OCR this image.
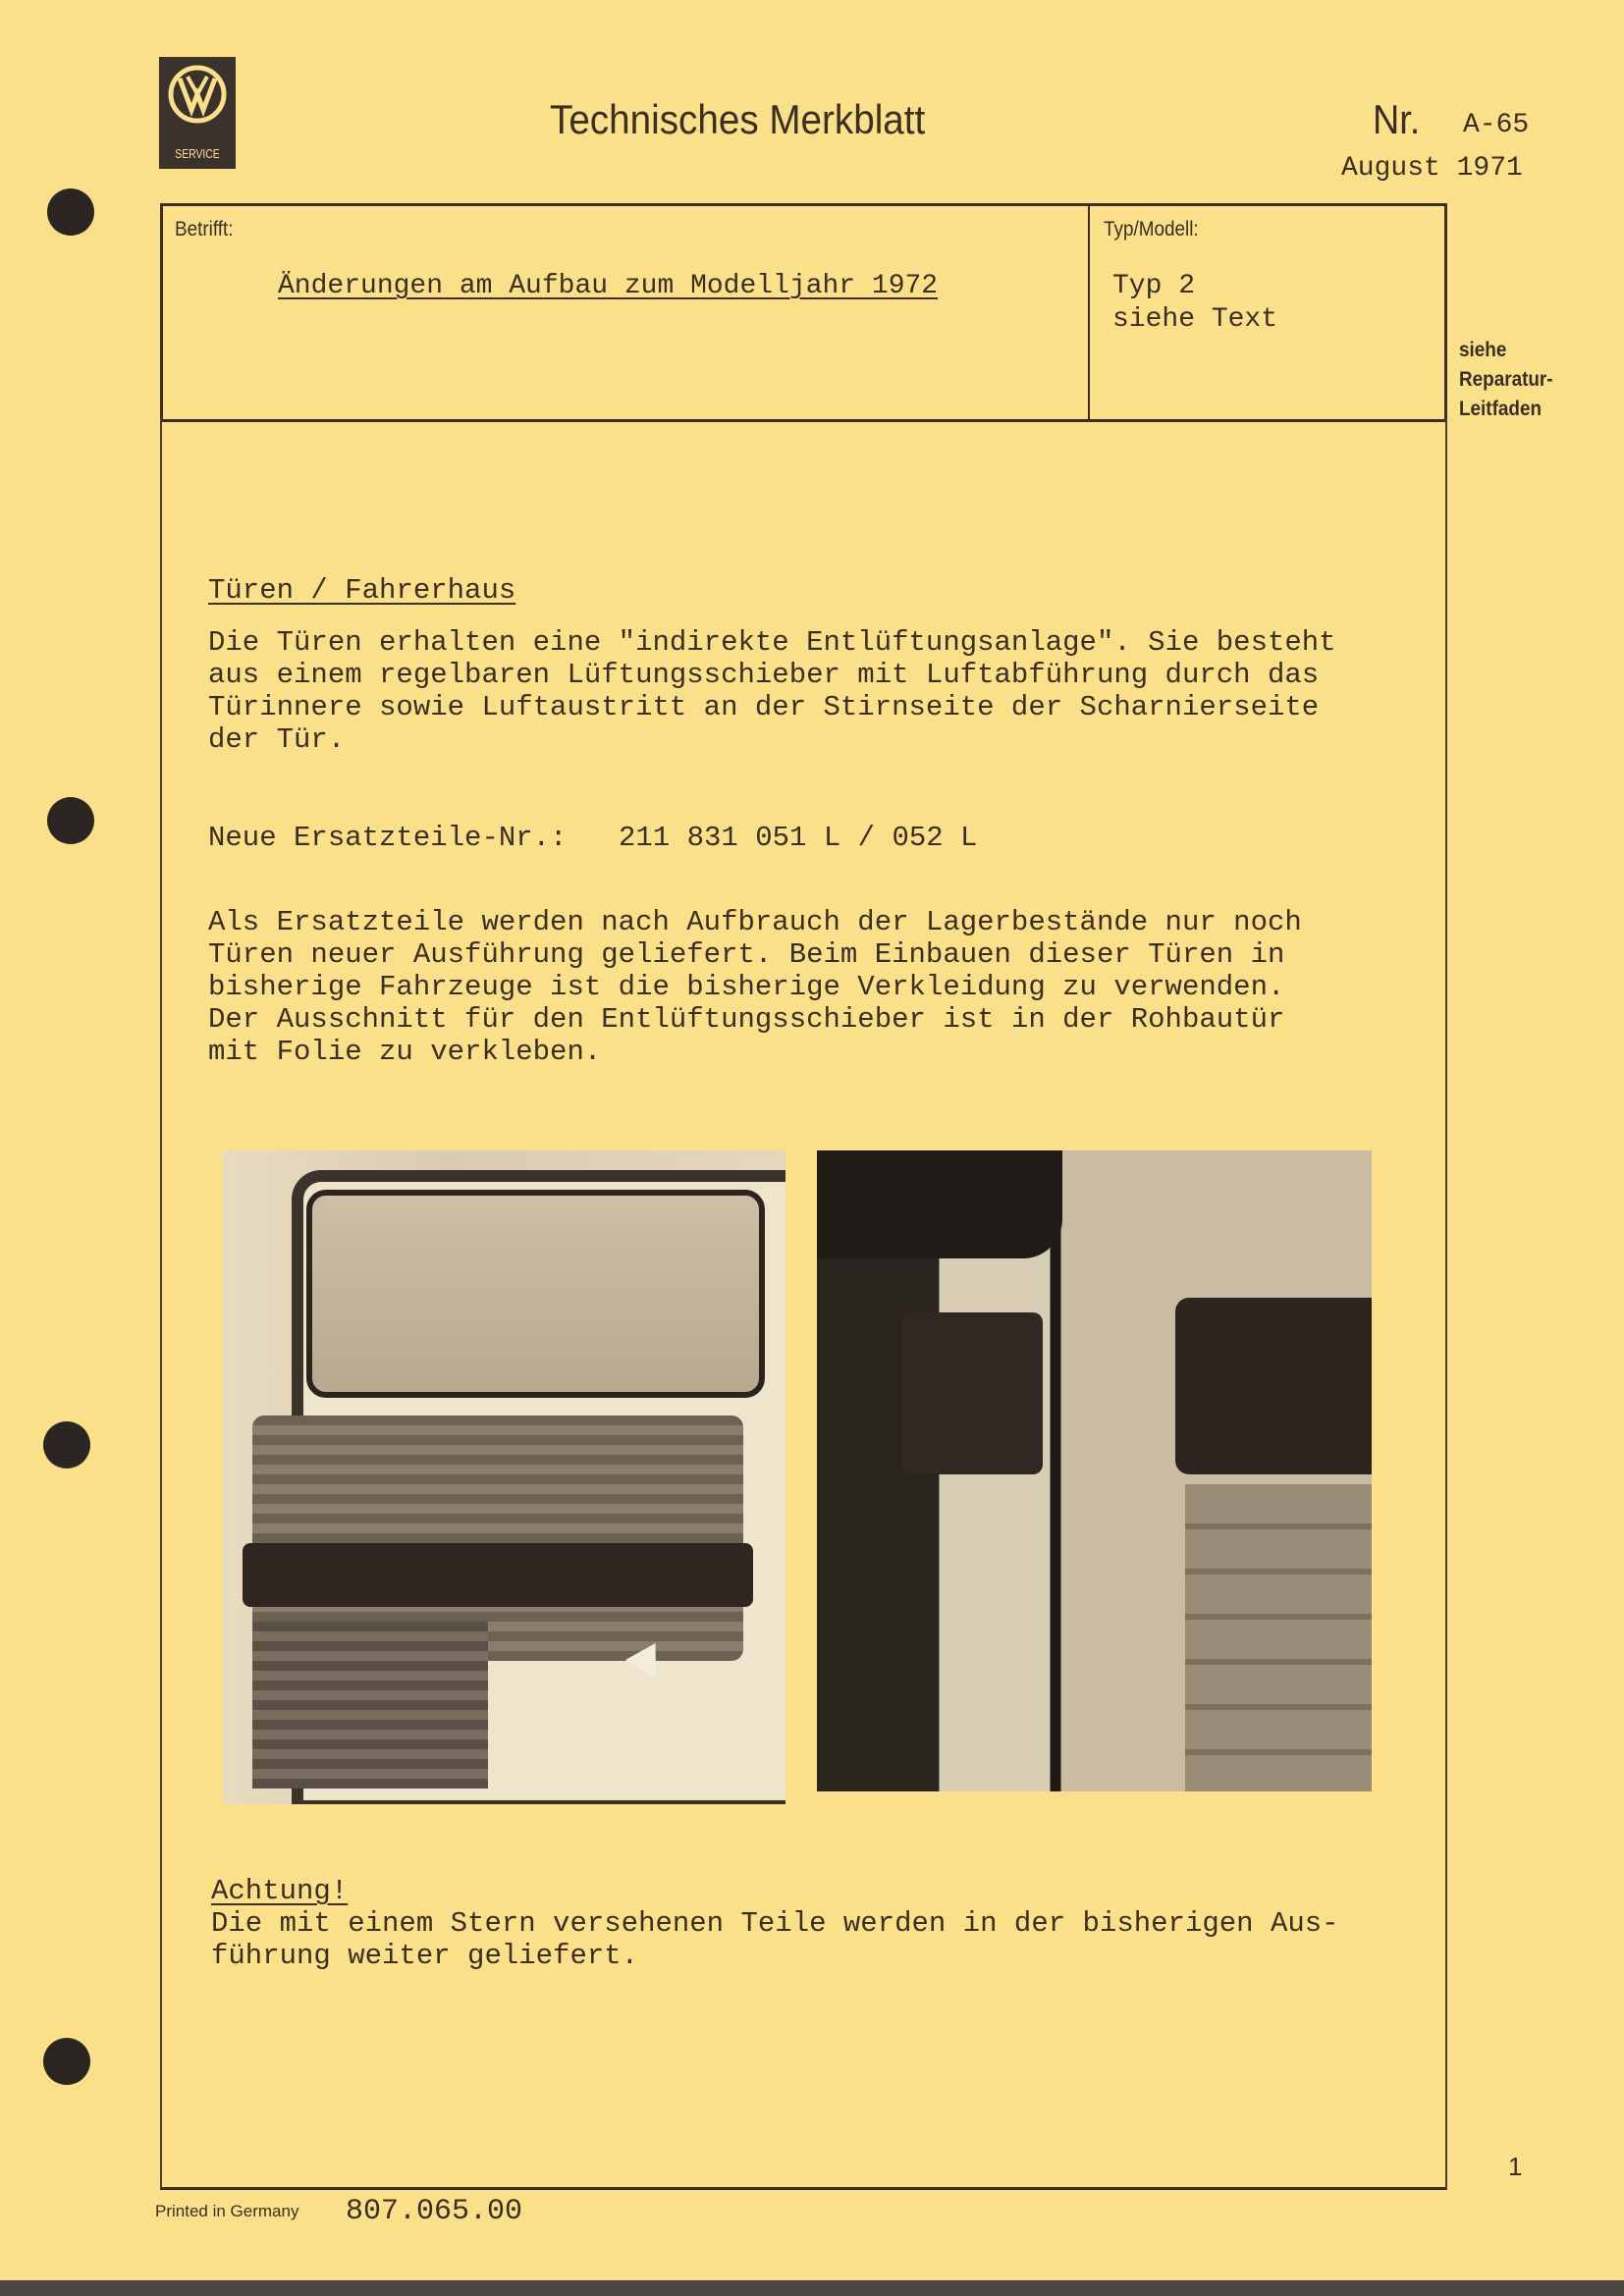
SERVICE
Technisches Merkblatt	Nr. A-65
August 1971
Betrifft:
Änderungen am Aufbau zum Modelljahr 1972
Typ/Modell:
Typ 2
siehe Text
siehe
Reparatur-
Leitfaden
Türen / Fahrerhaus
Die Türen erhalten eine "indirekte Entlüftungsanlage". Sie besteht
aus einem regelbaren Lüftungsschieber mit Luftabführung durch das
Türinnere sowie Luftaustritt an der Stirnseite der Scharnierseite
der Tür.
Neue Ersatzteile-Nr.: 211 831 051 L / 052 L
Als Ersatzteile werden nach Aufbrauch der Lagerbestände nur noch
Türen neuer Ausführung geliefert. Beim Einbauen dieser Türen in
bisherige Fahrzeuge ist die bisherige Verkleidung zu verwenden.
Der Ausschnitt für den Entlüftungsschieber ist in der Rohbautür
mit Folie zu verkleben.
Achtung!
Die mit einem Stern versehenen Teile werden in der bisherigen Aus-
führung weiter geliefert.
1
Printed in Germany 807.065.00
